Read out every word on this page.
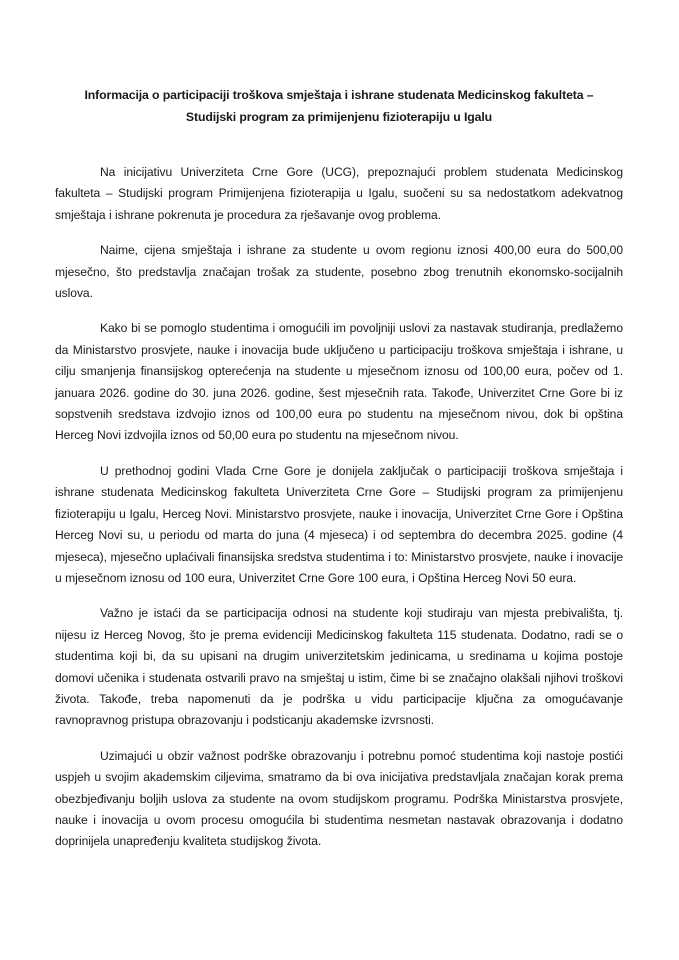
Informacija o participaciji troškova smještaja i ishrane studenata Medicinskog fakulteta – Studijski program za primijenjenu fizioterapiju u Igalu

Na inicijativu Univerziteta Crne Gore (UCG), prepoznajući problem studenata Medicinskog fakulteta – Studijski program Primijenjena fizioterapija u Igalu, suočeni su sa nedostatkom adekvatnog smještaja i ishrane pokrenuta je procedura za rješavanje ovog problema.

Naime, cijena smještaja i ishrane za studente u ovom regionu iznosi 400,00 eura do 500,00 mjesečno, što predstavlja značajan trošak za studente, posebno zbog trenutnih ekonomsko-socijalnih uslova.

Kako bi se pomoglo studentima i omogućili im povoljniji uslovi za nastavak studiranja, predlažemo da Ministarstvo prosvjete, nauke i inovacija bude uključeno u participaciju troškova smještaja i ishrane, u cilju smanjenja finansijskog opterećenja na studente u mjesečnom iznosu od 100,00 eura, počev od 1. januara 2026. godine do 30. juna 2026. godine, šest mjesečnih rata. Takođe, Univerzitet Crne Gore bi iz sopstvenih sredstava izdvojio iznos od 100,00 eura po studentu na mjesečnom nivou, dok bi opština Herceg Novi izdvojila iznos od 50,00 eura po studentu na mjesečnom nivou.

U prethodnoj godini Vlada Crne Gore je donijela zaključak o participaciji troškova smještaja i ishrane studenata Medicinskog fakulteta Univerziteta Crne Gore – Studijski program za primijenjenu fizioterapiju u Igalu, Herceg Novi. Ministarstvo prosvjete, nauke i inovacija, Univerzitet Crne Gore i Opština Herceg Novi su, u periodu od marta do juna (4 mjeseca) i od septembra do decembra 2025. godine (4 mjeseca), mjesečno uplaćivali finansijska sredstva studentima i to: Ministarstvo prosvjete, nauke i inovacije u mjesečnom iznosu od 100 eura, Univerzitet Crne Gore 100 eura, i Opština Herceg Novi 50 eura.

Važno je istaći da se participacija odnosi na studente koji studiraju van mjesta prebivališta, tj. nijesu iz Herceg Novog, što je prema evidenciji Medicinskog fakulteta 115 studenata. Dodatno, radi se o studentima koji bi, da su upisani na drugim univerzitetskim jedinicama, u sredinama u kojima postoje domovi učenika i studenata ostvarili pravo na smještaj u istim, čime bi se značajno olakšali njihovi troškovi života. Takođe, treba napomenuti da je podrška u vidu participacije ključna za omogućavanje ravnopravnog pristupa obrazovanju i podsticanju akademske izvrsnosti.

Uzimajući u obzir važnost podrške obrazovanju i potrebnu pomoć studentima koji nastoje postići uspjeh u svojim akademskim ciljevima, smatramo da bi ova inicijativa predstavljala značajan korak prema obezbjeđivanju boljih uslova za studente na ovom studijskom programu. Podrška Ministarstva prosvjete, nauke i inovacija u ovom procesu omogućila bi studentima nesmetan nastavak obrazovanja i dodatno doprinijela unapređenju kvaliteta studijskog života.
